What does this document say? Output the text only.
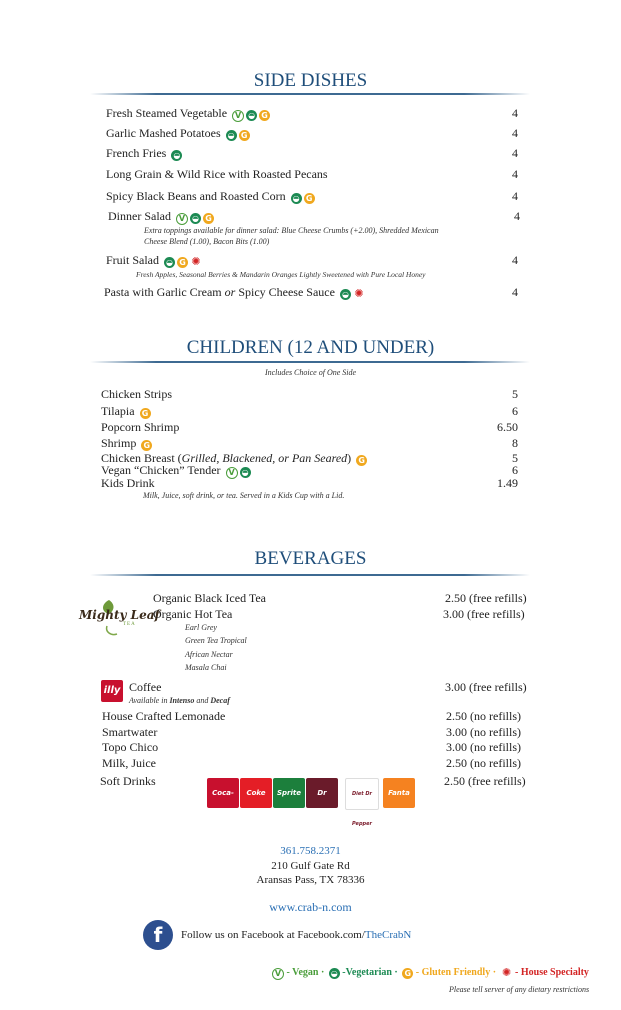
SIDE DISHES
Fresh Steamed Vegetable V ◒ G	4
Garlic Mashed Potatoes ◒ G	4
French Fries ◒	4
Long Grain & Wild Rice with Roasted Pecans	4
Spicy Black Beans and Roasted Corn ◒ G	4
Dinner Salad V ◒ G	4
Extra toppings available for dinner salad: Blue Cheese Crumbs (+2.00), Shredded Mexican
Cheese Blend (1.00), Bacon Bits (1.00)
Fruit Salad ◒ G ✺	4
Fresh Apples, Seasonal Berries & Mandarin Oranges Lightly Sweetened with Pure Local Honey
Pasta with Garlic Cream or Spicy Cheese Sauce ◒ ✺	4
CHILDREN (12 AND UNDER)
Includes Choice of One Side
Chicken Strips	5
Tilapia G	6
Popcorn Shrimp	6.50
Shrimp G	8
Chicken Breast (Grilled, Blackened, or Pan Seared) G	5
Vegan “Chicken” Tender V ◒	6
Kids Drink	1.49
Milk, Juice, soft drink, or tea. Served in a Kids Cup with a Lid.
BEVERAGES
Mighty Leaf
TEA
Organic Black Iced Tea	2.50 (free refills)
Organic Hot Tea	3.00 (free refills)
Earl Grey
Green Tea Tropical
African Nectar
Masala Chai
illy Coffee	3.00 (free refills)
Available in Intenso and Decaf
House Crafted Lemonade	2.50 (no refills)
Smartwater	3.00 (no refills)
Topo Chico	3.00 (no refills)
Milk, Juice	2.50 (no refills)
Soft Drinks	2.50 (free refills)
Coca-Cola
Coke	Sprite	Dr Pepper
Diet Dr Pepper
Fanta
361.758.2371
210 Gulf Gate Rd
Aransas Pass, TX 78336
www.crab-n.com
f	Follow us on Facebook at Facebook.com/TheCrabN
V - Vegan · ◒ -Vegetarian · G - Gluten Friendly · ✺ - House Specialty
Please tell server of any dietary restrictions
